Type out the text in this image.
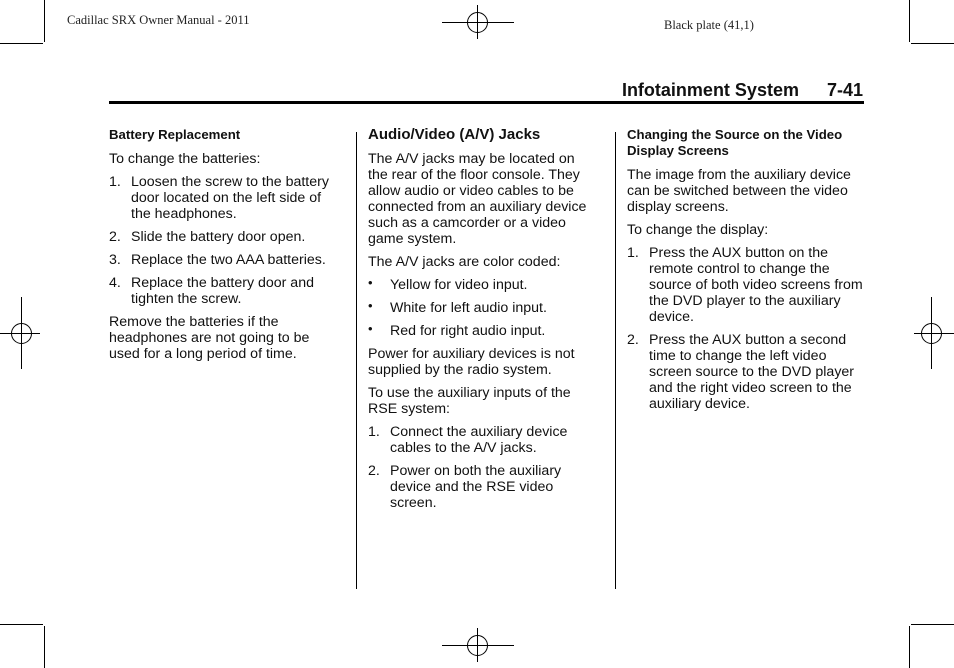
Cadillac SRX Owner Manual - 2011	Black plate (41,1)
Infotainment System 7-41
Battery Replacement

To change the batteries:

1. Loosen the screw to the battery door located on the left side of the headphones.
2. Slide the battery door open.
3. Replace the two AAA batteries.
4. Replace the battery door and tighten the screw.

Remove the batteries if the headphones are not going to be used for a long period of time.

Audio/Video (A/V) Jacks

The A/V jacks may be located on the rear of the floor console. They allow audio or video cables to be connected from an auxiliary device such as a camcorder or a video game system.

The A/V jacks are color coded:

• Yellow for video input.
• White for left audio input.
• Red for right audio input.

Power for auxiliary devices is not supplied by the radio system.

To use the auxiliary inputs of the RSE system:

1. Connect the auxiliary device cables to the A/V jacks.
2. Power on both the auxiliary device and the RSE video screen.
Changing the Source on the Video Display Screens

The image from the auxiliary device can be switched between the video display screens.

To change the display:

1. Press the AUX button on the remote control to change the source of both video screens from the DVD player to the auxiliary device.
2. Press the AUX button a second time to change the left video screen source to the DVD player and the right video screen to the auxiliary device.
